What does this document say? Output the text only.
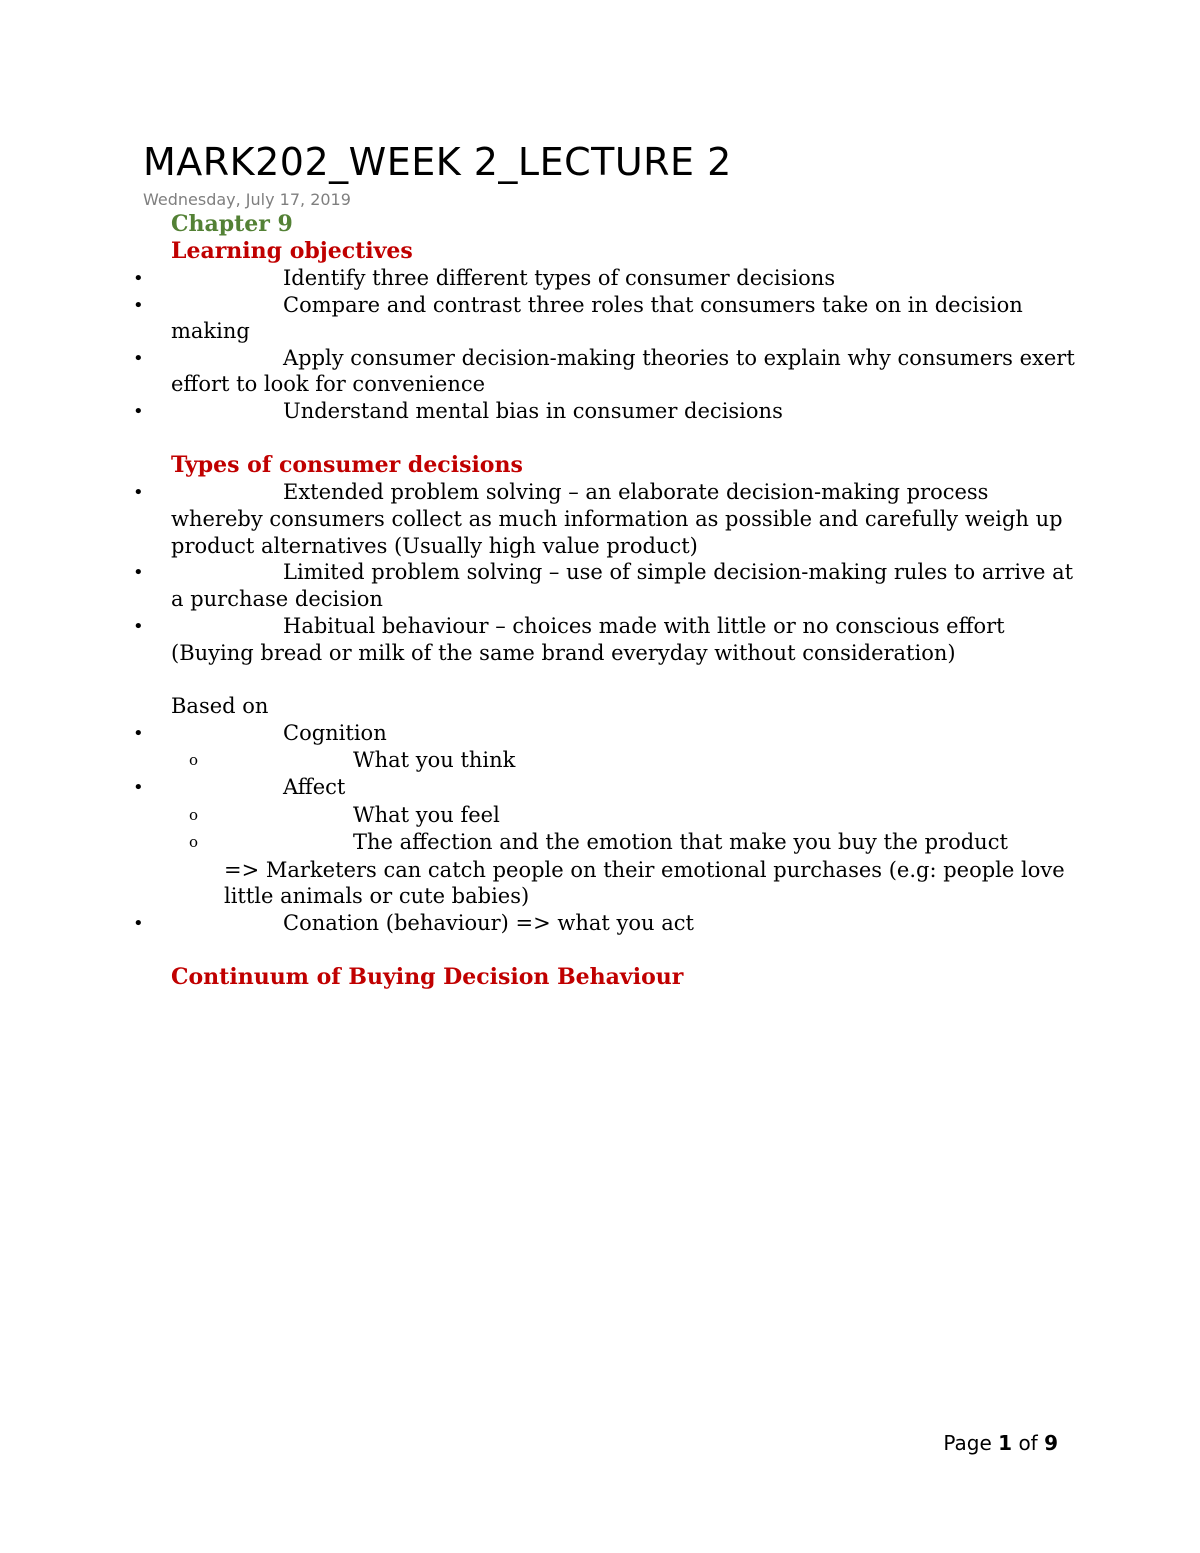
MARK202_WEEK 2_LECTURE 2
Wednesday, July 17, 2019
Chapter 9
Learning objectives
•	Identify three different types of consumer decisions
•	Compare and contrast three roles that consumers take on in decision
making
•	Apply consumer decision-making theories to explain why consumers exert
effort to look for convenience
•	Understand mental bias in consumer decisions
Types of consumer decisions
•	Extended problem solving – an elaborate decision-making process
whereby consumers collect as much information as possible and carefully weigh up
product alternatives (Usually high value product)
•	Limited problem solving – use of simple decision-making rules to arrive at
a purchase decision
•	Habitual behaviour – choices made with little or no conscious effort
(Buying bread or milk of the same brand everyday without consideration)
Based on
•	Cognition
o	What you think
•	Affect
o	What you feel
o	The affection and the emotion that make you buy the product
=> Marketers can catch people on their emotional purchases (e.g: people love
little animals or cute babies)
•	Conation (behaviour) => what you act
Continuum of Buying Decision Behaviour
Page 1 of 9
